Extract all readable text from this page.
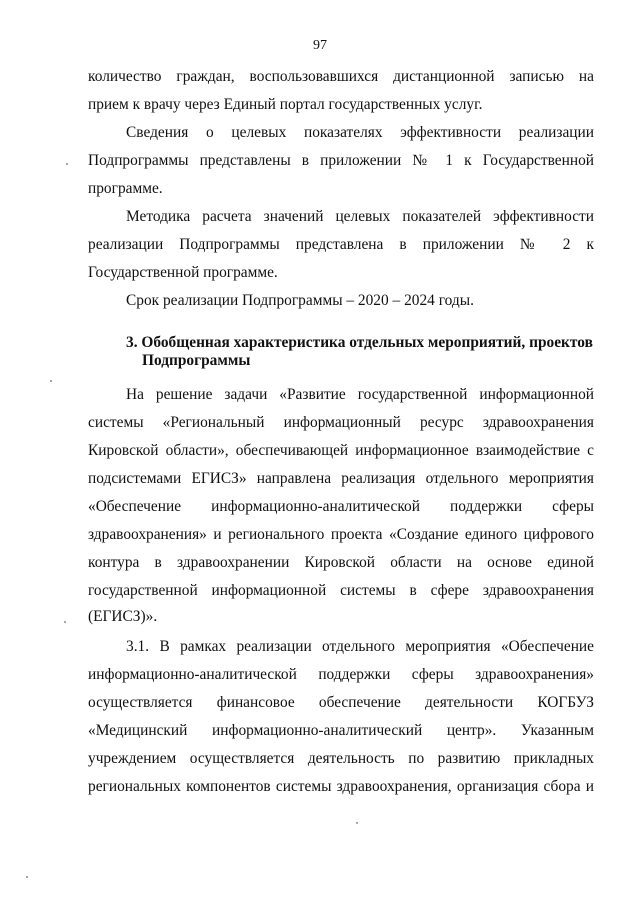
97
количество граждан, воспользовавшихся дистанционной записью на
прием к врачу через Единый портал государственных услуг.
Сведения о целевых показателях эффективности реализации
Подпрограммы представлены в приложении № 1 к Государственной
программе.
Методика расчета значений целевых показателей эффективности
реализации Подпрограммы представлена в приложении № 2 к
Государственной программе.
Срок реализации Подпрограммы – 2020 – 2024 годы.
3. Обобщенная характеристика отдельных мероприятий, проектов
Подпрограммы
На решение задачи «Развитие государственной информационной
системы «Региональный информационный ресурс здравоохранения
Кировской области», обеспечивающей информационное взаимодействие с
подсистемами ЕГИСЗ» направлена реализация отдельного мероприятия
«Обеспечение информационно-аналитической поддержки сферы
здравоохранения» и регионального проекта «Создание единого цифрового
контура в здравоохранении Кировской области на основе единой
государственной информационной системы в сфере здравоохранения
(ЕГИСЗ)».
3.1. В рамках реализации отдельного мероприятия «Обеспечение
информационно-аналитической поддержки сферы здравоохранения»
осуществляется финансовое обеспечение деятельности КОГБУЗ
«Медицинский информационно-аналитический центр». Указанным
учреждением осуществляется деятельность по развитию прикладных
региональных компонентов системы здравоохранения, организация сбора и
